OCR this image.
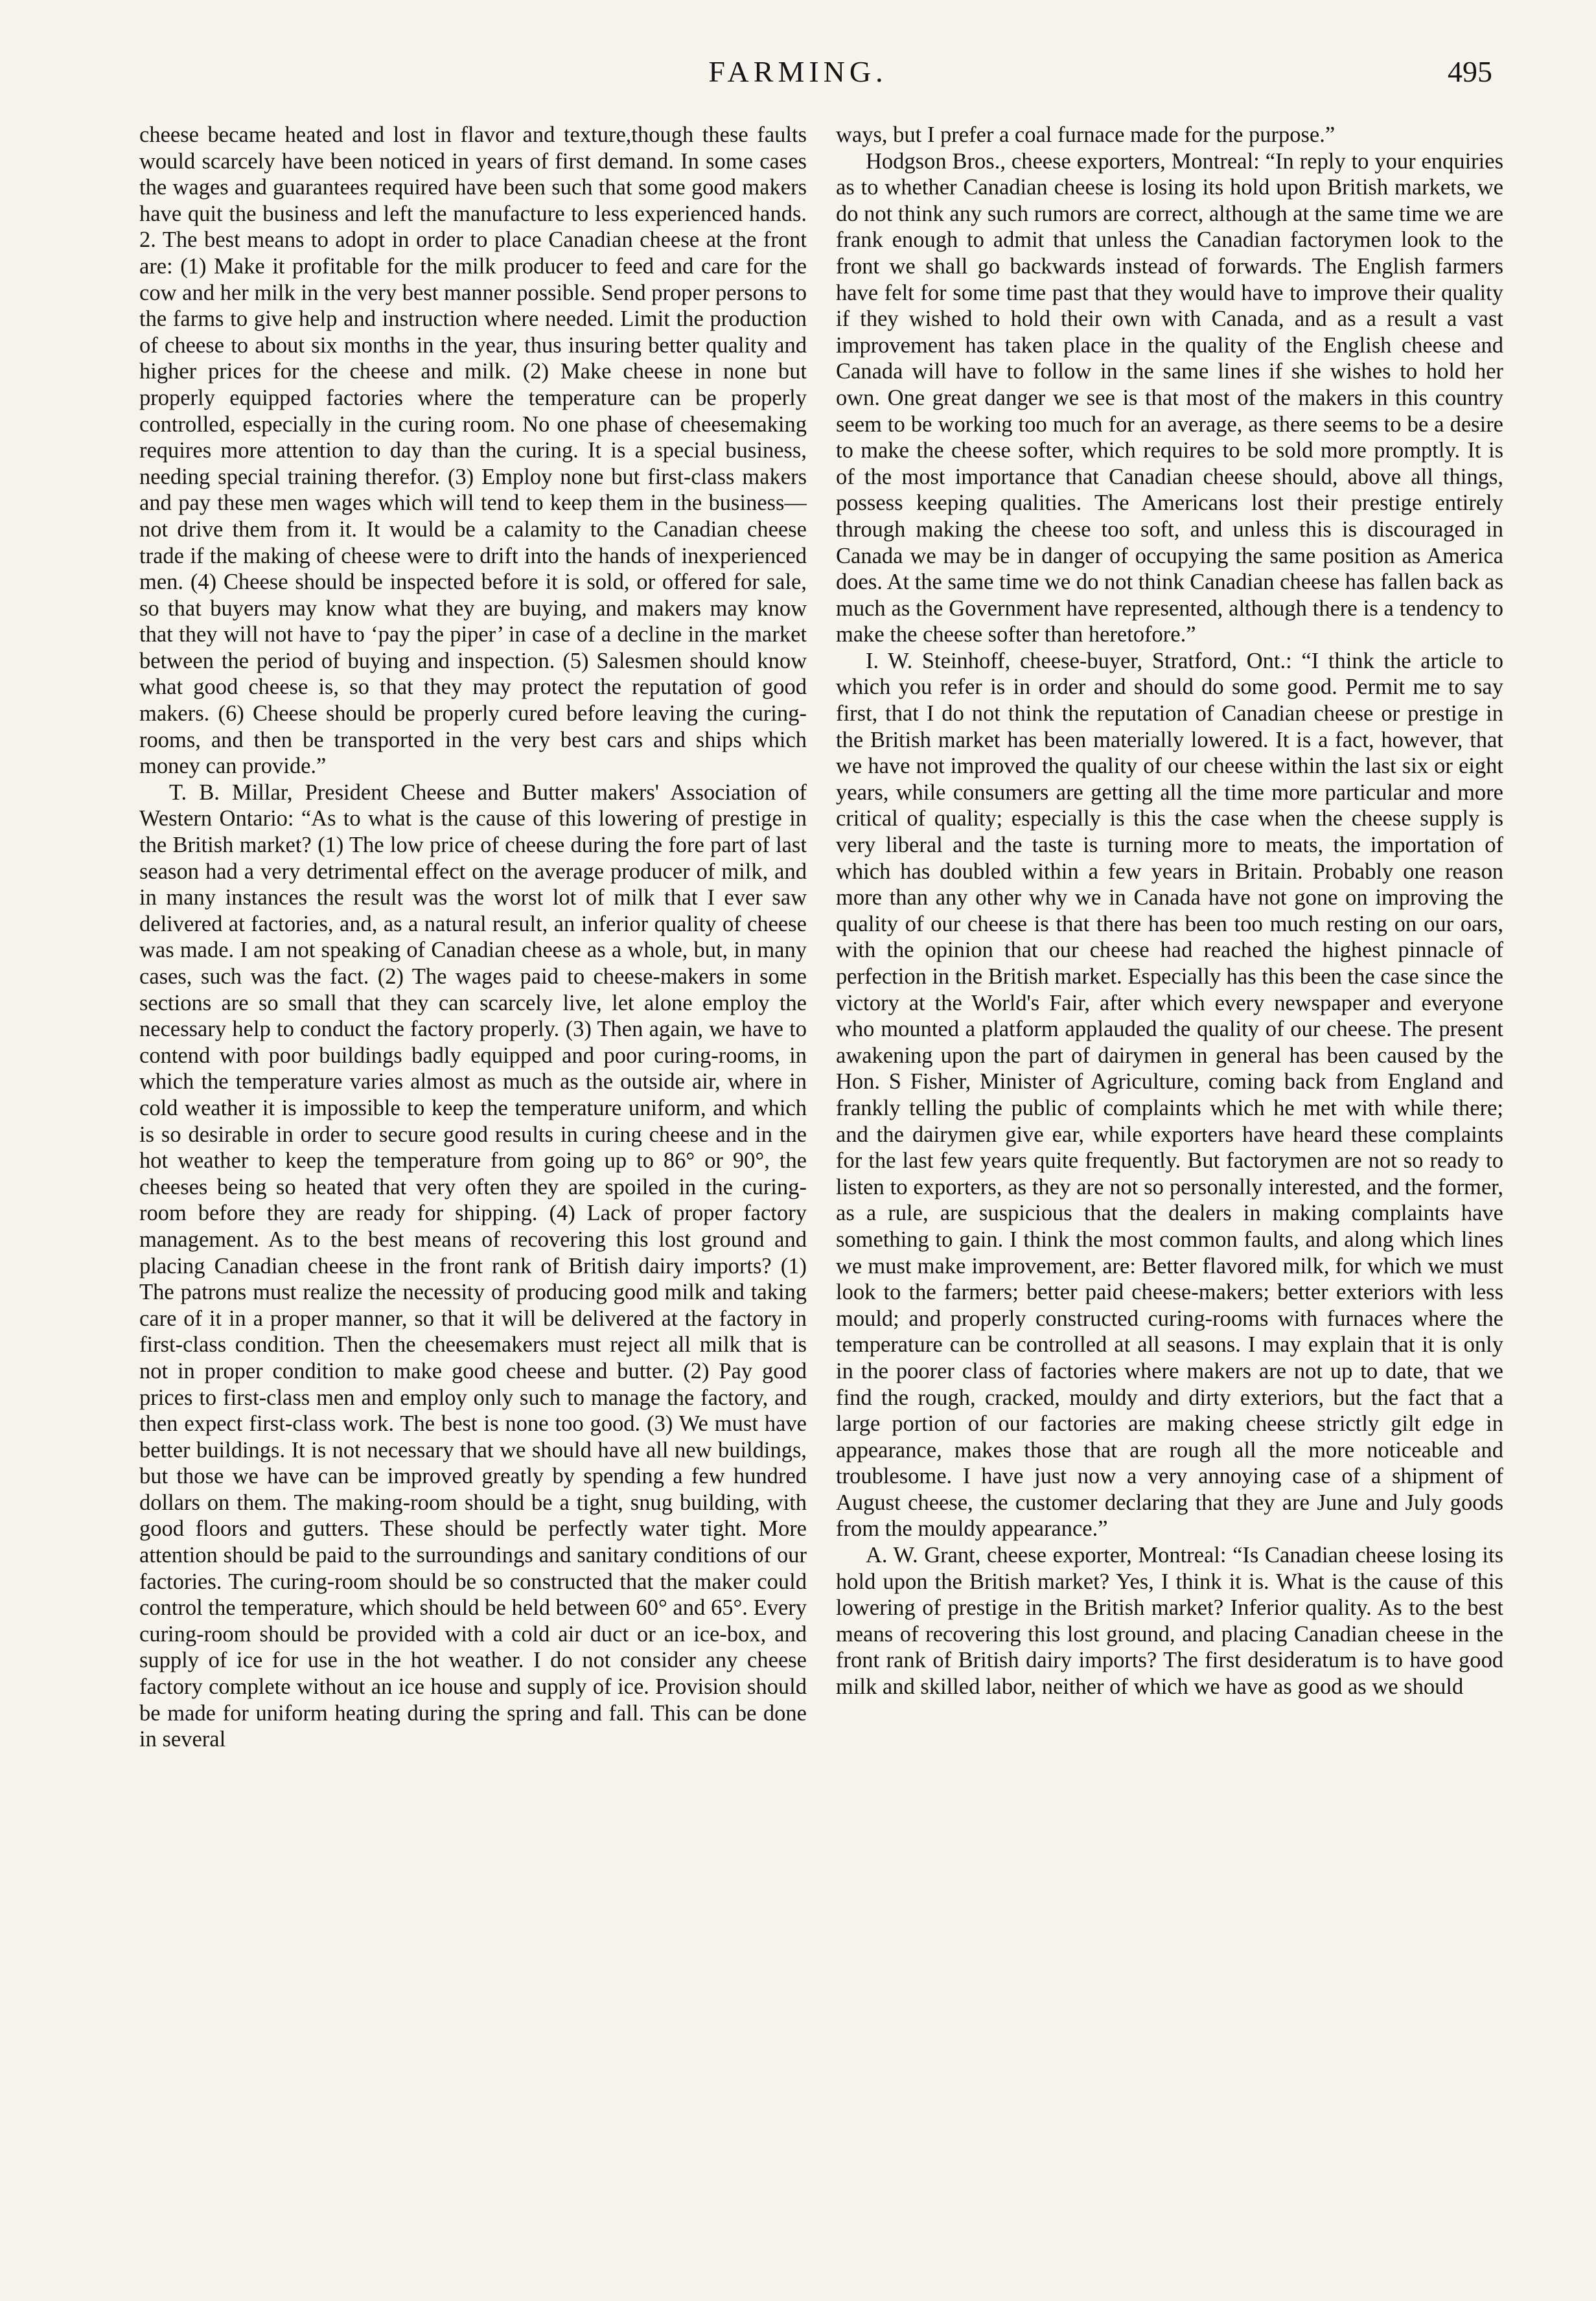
FARMING.	495

cheese became heated and lost in flavor and texture,though these faults would scarcely have been noticed in years of first demand. In some cases the wages and guarantees required have been such that some good makers have quit the business and left the manufacture to less experienced hands. 2. The best means to adopt in order to place Canadian cheese at the front are: (1) Make it profitable for the milk producer to feed and care for the cow and her milk in the very best manner possible. Send proper persons to the farms to give help and instruction where needed. Limit the production of cheese to about six months in the year, thus insuring better quality and higher prices for the cheese and milk. (2) Make cheese in none but properly equipped factories where the temperature can be properly controlled, especially in the curing room. No one phase of cheesemaking requires more attention to day than the curing. It is a special business, needing special training therefor. (3) Employ none but first-class makers and pay these men wages which will tend to keep them in the business—not drive them from it. It would be a calamity to the Canadian cheese trade if the making of cheese were to drift into the hands of inexperienced men. (4) Cheese should be inspected before it is sold, or offered for sale, so that buyers may know what they are buying, and makers may know that they will not have to ‘pay the piper’ in case of a decline in the market between the period of buying and inspection. (5) Salesmen should know what good cheese is, so that they may protect the reputation of good makers. (6) Cheese should be properly cured before leaving the curing-rooms, and then be transported in the very best cars and ships which money can provide.”

T. B. Millar, President Cheese and Butter makers' Association of Western Ontario: “As to what is the cause of this lowering of prestige in the British market? (1) The low price of cheese during the fore part of last season had a very detrimental effect on the average producer of milk, and in many instances the result was the worst lot of milk that I ever saw delivered at factories, and, as a natural result, an inferior quality of cheese was made. I am not speaking of Canadian cheese as a whole, but, in many cases, such was the fact. (2) The wages paid to cheese-makers in some sections are so small that they can scarcely live, let alone employ the necessary help to conduct the factory properly. (3) Then again, we have to contend with poor buildings badly equipped and poor curing-rooms, in which the temperature varies almost as much as the outside air, where in cold weather it is impossible to keep the temperature uniform, and which is so desirable in order to secure good results in curing cheese and in the hot weather to keep the temperature from going up to 86° or 90°, the cheeses being so heated that very often they are spoiled in the curing-room before they are ready for shipping. (4) Lack of proper factory management. As to the best means of recovering this lost ground and placing Canadian cheese in the front rank of British dairy imports? (1) The patrons must realize the necessity of producing good milk and taking care of it in a proper manner, so that it will be delivered at the factory in first-class condition. Then the cheesemakers must reject all milk that is not in proper condition to make good cheese and butter. (2) Pay good prices to first-class men and employ only such to manage the factory, and then expect first-class work. The best is none too good. (3) We must have better buildings. It is not necessary that we should have all new buildings, but those we have can be improved greatly by spending a few hundred dollars on them. The making-room should be a tight, snug building, with good floors and gutters. These should be perfectly water tight. More attention should be paid to the surroundings and sanitary conditions of our factories. The curing-room should be so constructed that the maker could control the temperature, which should be held between 60° and 65°. Every curing-room should be provided with a cold air duct or an ice-box, and supply of ice for use in the hot weather. I do not consider any cheese factory complete without an ice house and supply of ice. Provision should be made for uniform heating during the spring and fall. This can be done in several

ways, but I prefer a coal furnace made for the purpose.”

Hodgson Bros., cheese exporters, Montreal: “In reply to your enquiries as to whether Canadian cheese is losing its hold upon British markets, we do not think any such rumors are correct, although at the same time we are frank enough to admit that unless the Canadian factorymen look to the front we shall go backwards instead of forwards. The English farmers have felt for some time past that they would have to improve their quality if they wished to hold their own with Canada, and as a result a vast improvement has taken place in the quality of the English cheese and Canada will have to follow in the same lines if she wishes to hold her own. One great danger we see is that most of the makers in this country seem to be working too much for an average, as there seems to be a desire to make the cheese softer, which requires to be sold more promptly. It is of the most importance that Canadian cheese should, above all things, possess keeping qualities. The Americans lost their prestige entirely through making the cheese too soft, and unless this is discouraged in Canada we may be in danger of occupying the same position as America does. At the same time we do not think Canadian cheese has fallen back as much as the Government have represented, although there is a tendency to make the cheese softer than heretofore.”

I. W. Steinhoff, cheese-buyer, Stratford, Ont.: “I think the article to which you refer is in order and should do some good. Permit me to say first, that I do not think the reputation of Canadian cheese or prestige in the British market has been materially lowered. It is a fact, however, that we have not improved the quality of our cheese within the last six or eight years, while consumers are getting all the time more particular and more critical of quality; especially is this the case when the cheese supply is very liberal and the taste is turning more to meats, the importation of which has doubled within a few years in Britain. Probably one reason more than any other why we in Canada have not gone on improving the quality of our cheese is that there has been too much resting on our oars, with the opinion that our cheese had reached the highest pinnacle of perfection in the British market. Especially has this been the case since the victory at the World's Fair, after which every newspaper and everyone who mounted a platform applauded the quality of our cheese. The present awakening upon the part of dairymen in general has been caused by the Hon. S Fisher, Minister of Agriculture, coming back from England and frankly telling the public of complaints which he met with while there; and the dairymen give ear, while exporters have heard these complaints for the last few years quite frequently. But factorymen are not so ready to listen to exporters, as they are not so personally interested, and the former, as a rule, are suspicious that the dealers in making complaints have something to gain. I think the most common faults, and along which lines we must make improvement, are: Better flavored milk, for which we must look to the farmers; better paid cheese-makers; better exteriors with less mould; and properly constructed curing-rooms with furnaces where the temperature can be controlled at all seasons. I may explain that it is only in the poorer class of factories where makers are not up to date, that we find the rough, cracked, mouldy and dirty exteriors, but the fact that a large portion of our factories are making cheese strictly gilt edge in appearance, makes those that are rough all the more noticeable and troublesome. I have just now a very annoying case of a shipment of August cheese, the customer declaring that they are June and July goods from the mouldy appearance.”

A. W. Grant, cheese exporter, Montreal: “Is Canadian cheese losing its hold upon the British market? Yes, I think it is. What is the cause of this lowering of prestige in the British market? Inferior quality. As to the best means of recovering this lost ground, and placing Canadian cheese in the front rank of British dairy imports? The first desideratum is to have good milk and skilled labor, neither of which we have as good as we should
